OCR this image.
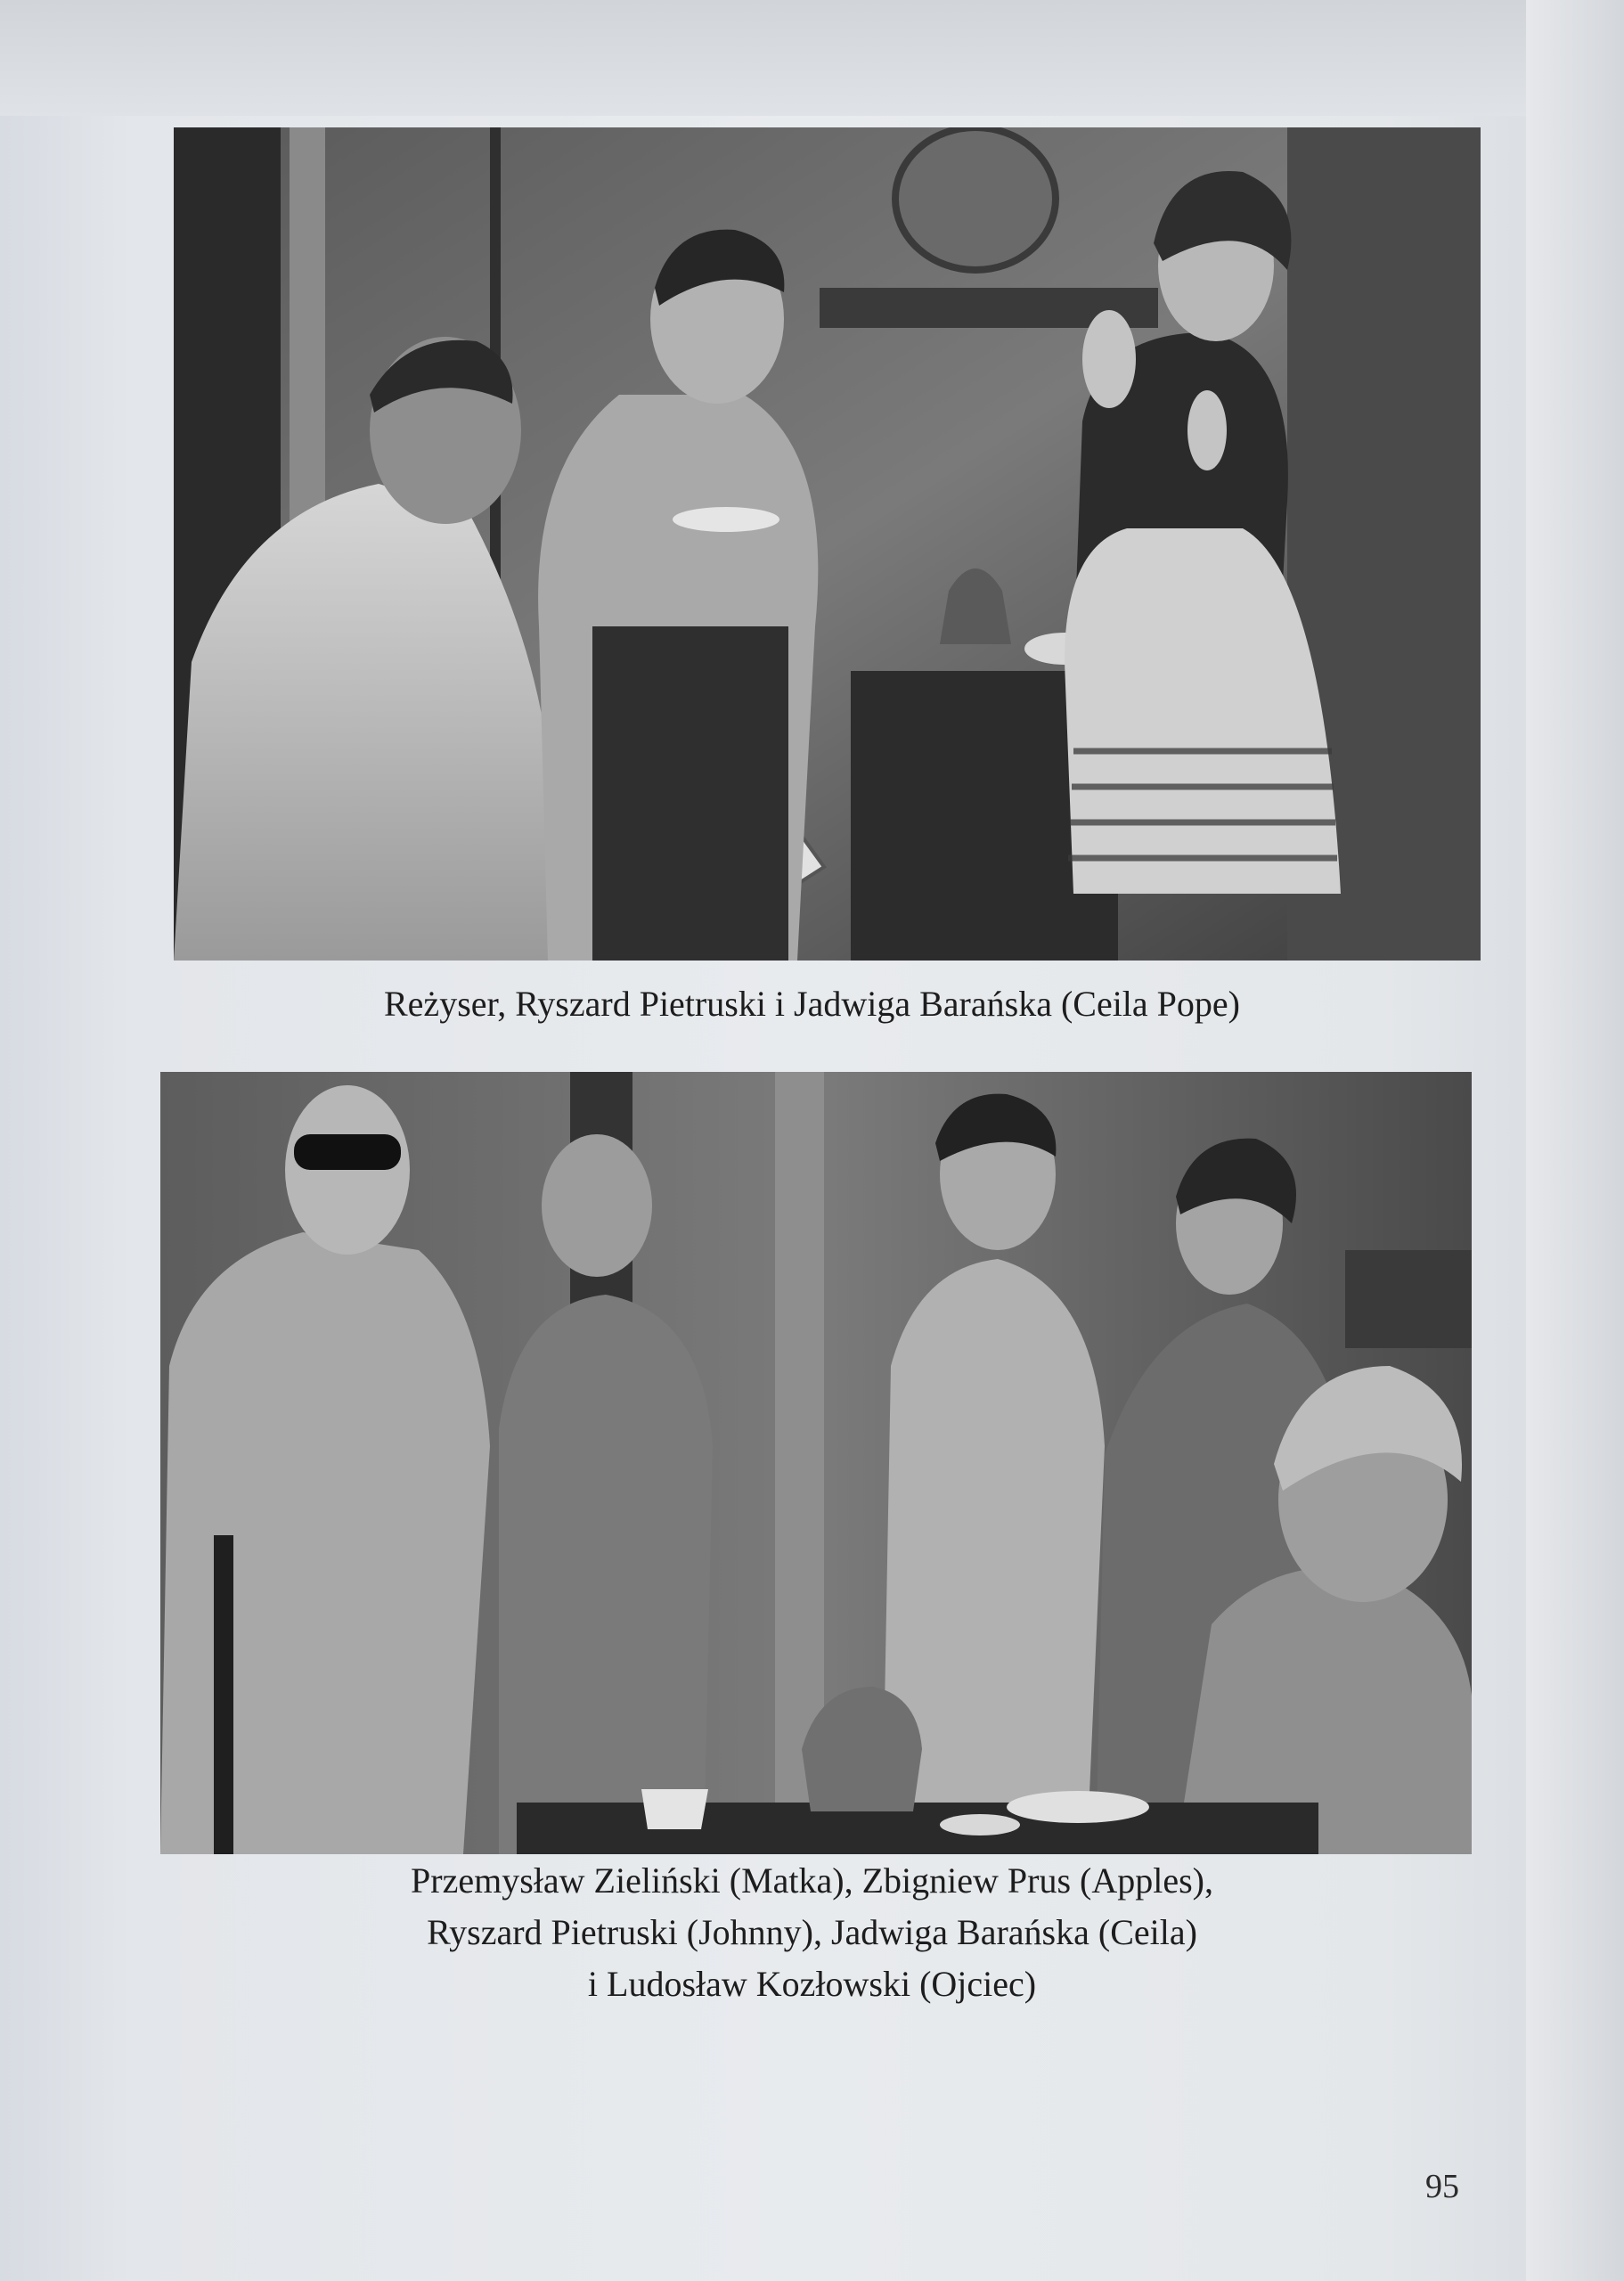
Reżyser, Ryszard Pietruski i Jadwiga Barańska (Ceila Pope)
Przemysław Zieliński (Matka), Zbigniew Prus (Apples),
Ryszard Pietruski (Johnny), Jadwiga Barańska (Ceila)
i Ludosław Kozłowski (Ojciec)
95
